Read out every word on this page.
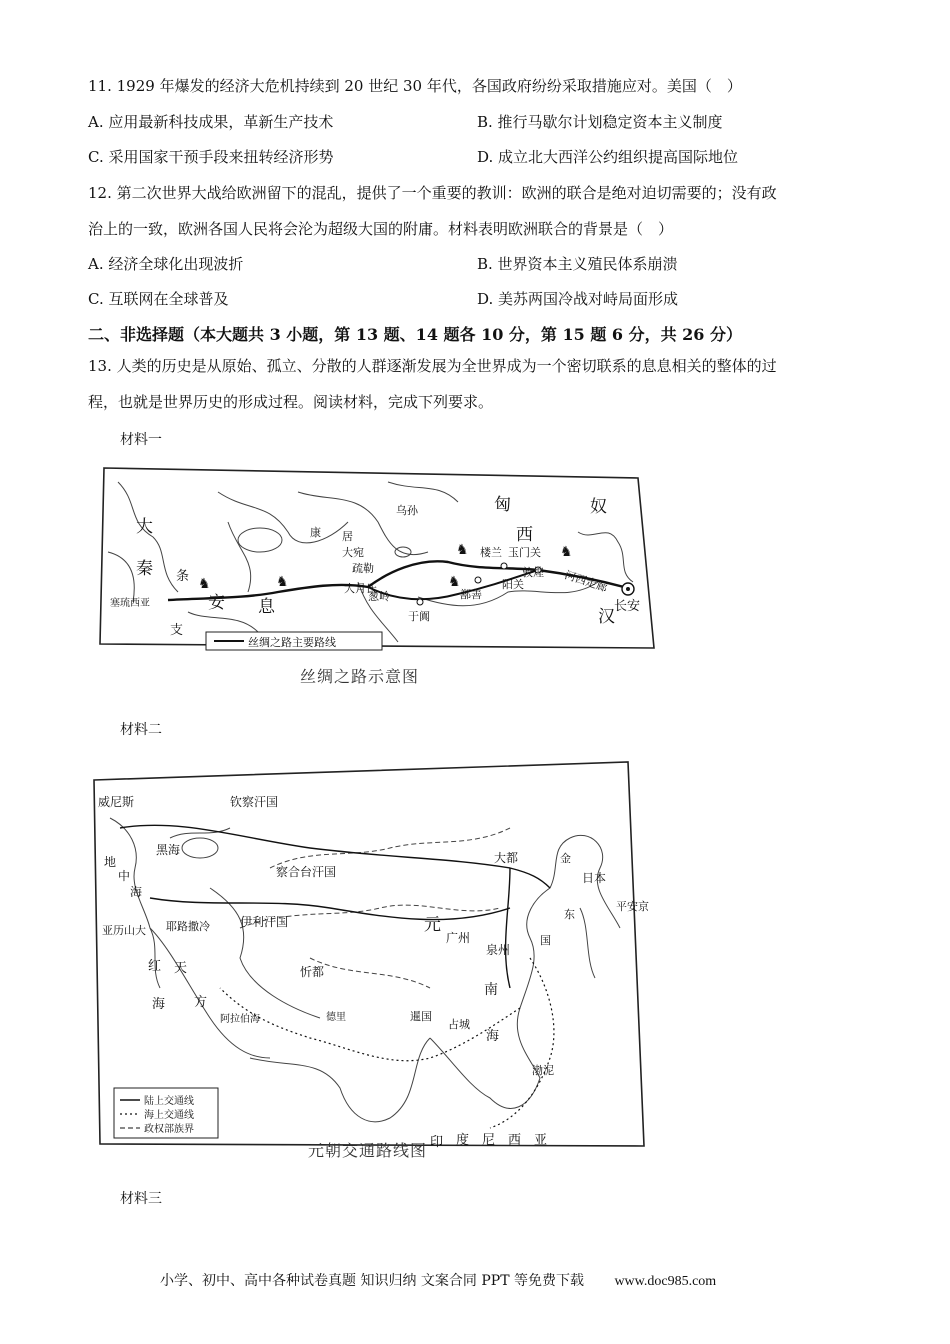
11. 1929 年爆发的经济大危机持续到 20 世纪 30 年代，各国政府纷纷采取措施应对。美国（　）
A. 应用最新科技成果，革新生产技术	B. 推行马歇尔计划稳定资本主义制度
C. 采用国家干预手段来扭转经济形势	D. 成立北大西洋公约组织提高国际地位
12. 第二次世界大战给欧洲留下的混乱，提供了一个重要的教训：欧洲的联合是绝对迫切需要的；没有政
治上的一致，欧洲各国人民将会沦为超级大国的附庸。材料表明欧洲联合的背景是（　）
A. 经济全球化出现波折	B. 世界资本主义殖民体系崩溃
C. 互联网在全球普及	D. 美苏两国冷战对峙局面形成
二、非选择题（本大题共 3 小题，第 13 题、14 题各 10 分，第 15 题 6 分，共 26 分）
13. 人类的历史是从原始、孤立、分散的人群逐渐发展为全世界成为一个密切联系的息息相关的整体的过
程，也就是世界历史的形成过程。阅读材料，完成下列要求。
材料一
♞
♞
♞	♞
♞
匈	奴
西
大
秦 条
支
安 息	汉
康 居
大宛
疏勒
大月氏
葱岭
于阗
鄯善
楼兰 玉门关
敦煌
阳关	河西走廊
长安
塞琉西亚
乌孙
丝绸之路主要路线
丝绸之路示意图
材料二
威尼斯	钦察汗国
黑海
地
中
海
亚历山大 耶路撒冷
红 天
方
海
察合台汗国
伊利汗国
阿拉伯海	德里
忻都
大都
元
泉州
广州
南
海
暹国
占城
印 度 尼 西 亚
日本
平安京
东
国
金
渤泥
陆上交通线
海上交通线
政权部族界
元朝交通路线图
材料三
小学、初中、高中各种试卷真题 知识归纳 文案合同 PPT 等免费下载 www.doc985.com
